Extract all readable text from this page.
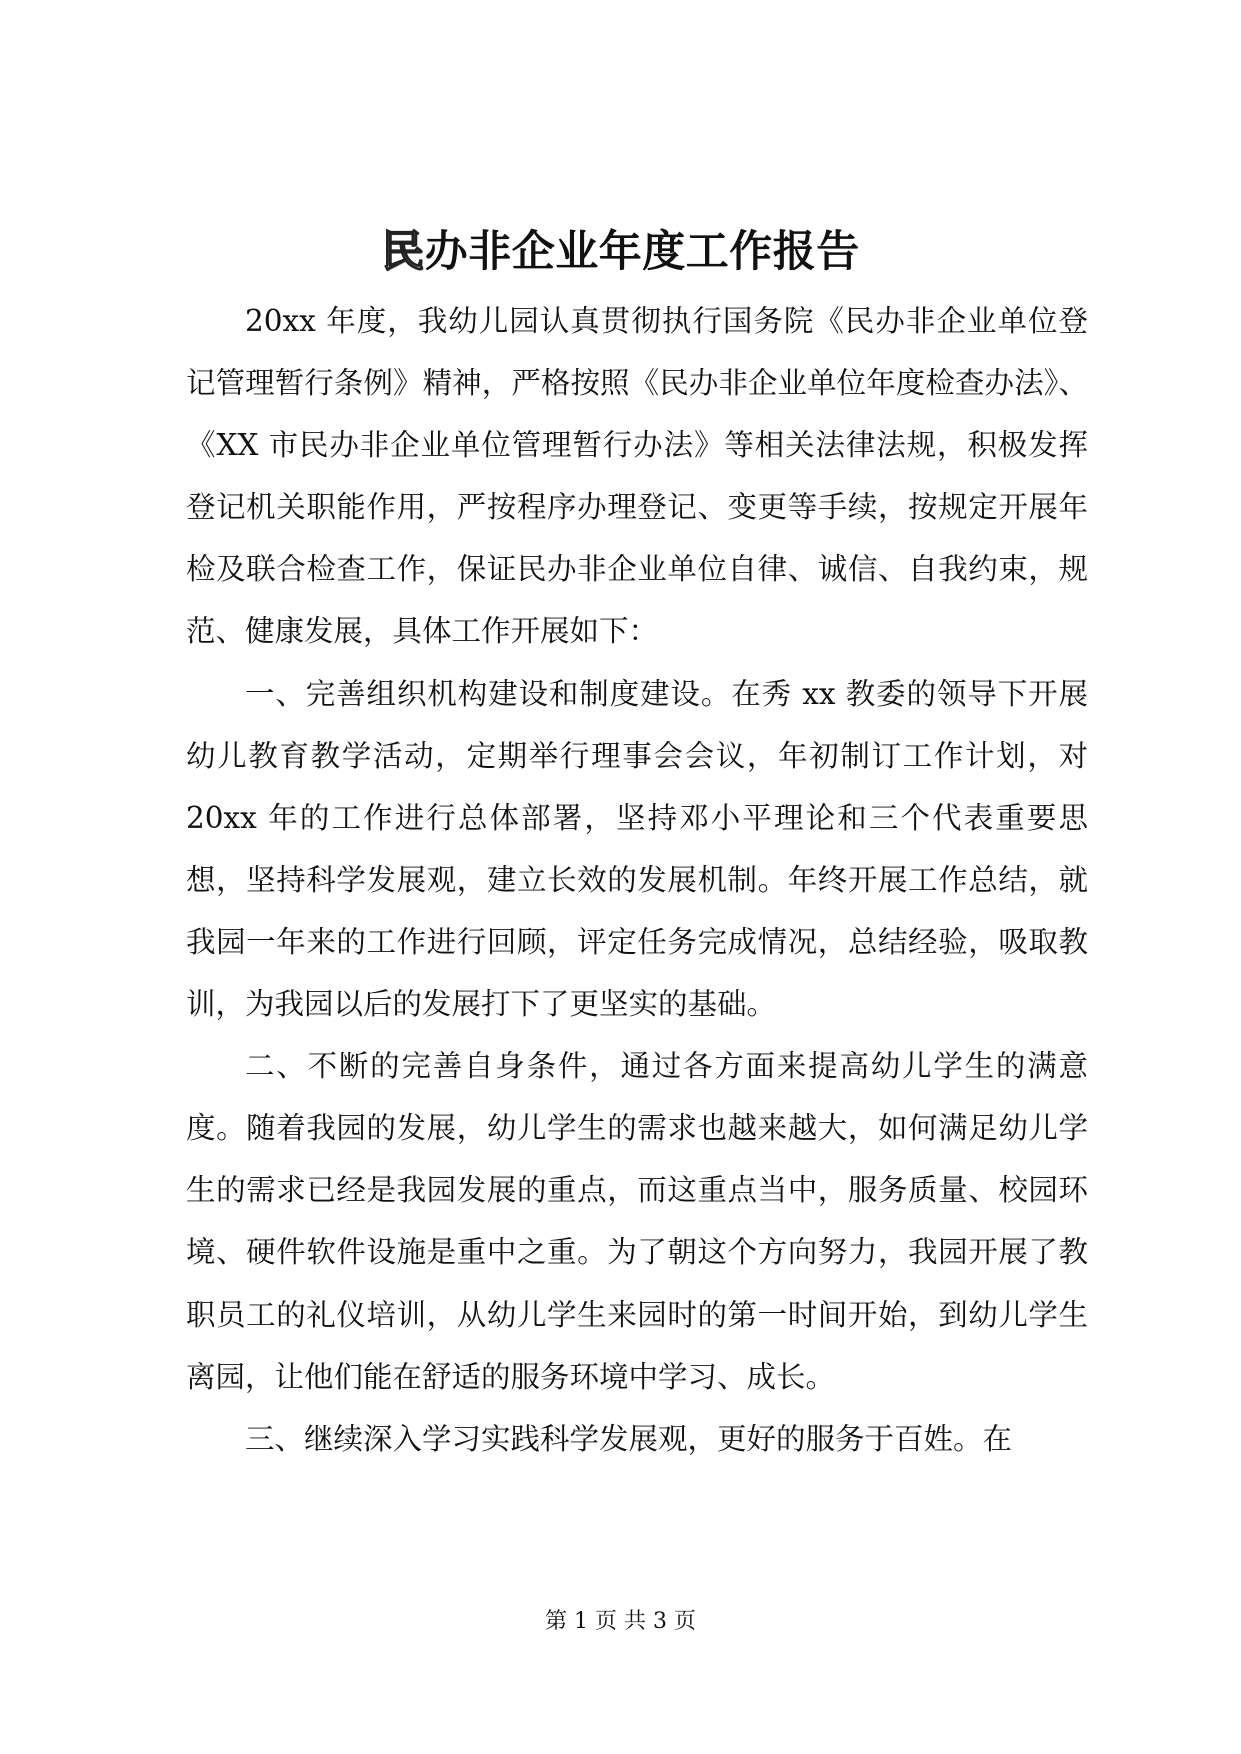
民办非企业年度工作报告

20xx 年度，我幼儿园认真贯彻执行国务院《民办非企业单位登记管理暂行条例》精神，严格按照《民办非企业单位年度检查办法》、《XX 市民办非企业单位管理暂行办法》等相关法律法规，积极发挥登记机关职能作用，严按程序办理登记、变更等手续，按规定开展年检及联合检查工作，保证民办非企业单位自律、诚信、自我约束，规范、健康发展，具体工作开展如下：

一、完善组织机构建设和制度建设。在秀 xx 教委的领导下开展幼儿教育教学活动，定期举行理事会会议，年初制订工作计划，对 20xx 年的工作进行总体部署，坚持邓小平理论和三个代表重要思想，坚持科学发展观，建立长效的发展机制。年终开展工作总结，就我园一年来的工作进行回顾，评定任务完成情况，总结经验，吸取教训，为我园以后的发展打下了更坚实的基础。

二、不断的完善自身条件，通过各方面来提高幼儿学生的满意度。随着我园的发展，幼儿学生的需求也越来越大，如何满足幼儿学生的需求已经是我园发展的重点，而这重点当中，服务质量、校园环境、硬件软件设施是重中之重。为了朝这个方向努力，我园开展了教职员工的礼仪培训，从幼儿学生来园时的第一时间开始，到幼儿学生离园，让他们能在舒适的服务环境中学习、成长。

三、继续深入学习实践科学发展观，更好的服务于百姓。在

第 1 页 共 3 页
